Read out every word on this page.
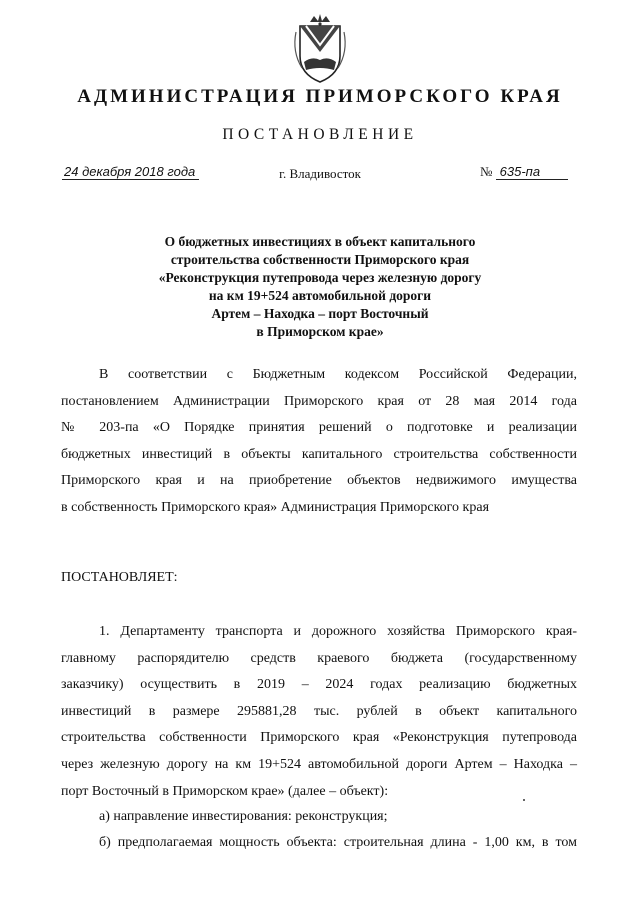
АДМИНИСТРАЦИЯ ПРИМОРСКОГО КРАЯ
ПОСТАНОВЛЕНИЕ
24 декабря 2018 года	г. Владивосток	№ 635-па
О бюджетных инвестициях в объект капитального
строительства собственности Приморского края
«Реконструкция путепровода через железную дорогу
на км 19+524 автомобильной дороги
Артем – Находка – порт Восточный
в Приморском крае»
В соответствии с Бюджетным кодексом Российской Федерации,
постановлением Администрации Приморского края от 28 мая 2014 года
№ 203-па «О Порядке принятия решений о подготовке и реализации
бюджетных инвестиций в объекты капитального строительства собственности
Приморского края и на приобретение объектов недвижимого имущества
в собственность Приморского края» Администрация Приморского края
ПОСТАНОВЛЯЕТ:
1. Департаменту транспорта и дорожного хозяйства Приморского края-
главному распорядителю средств краевого бюджета (государственному
заказчику) осуществить в 2019 – 2024 годах реализацию бюджетных
инвестиций в размере 295881,28 тыс. рублей в объект капитального
строительства собственности Приморского края «Реконструкция путепровода
через железную дорогу на км 19+524 автомобильной дороги Артем – Находка –
порт Восточный в Приморском крае» (далее – объект):
а) направление инвестирования: реконструкция;
б) предполагаемая мощность объекта: строительная длина - 1,00 км, в том
